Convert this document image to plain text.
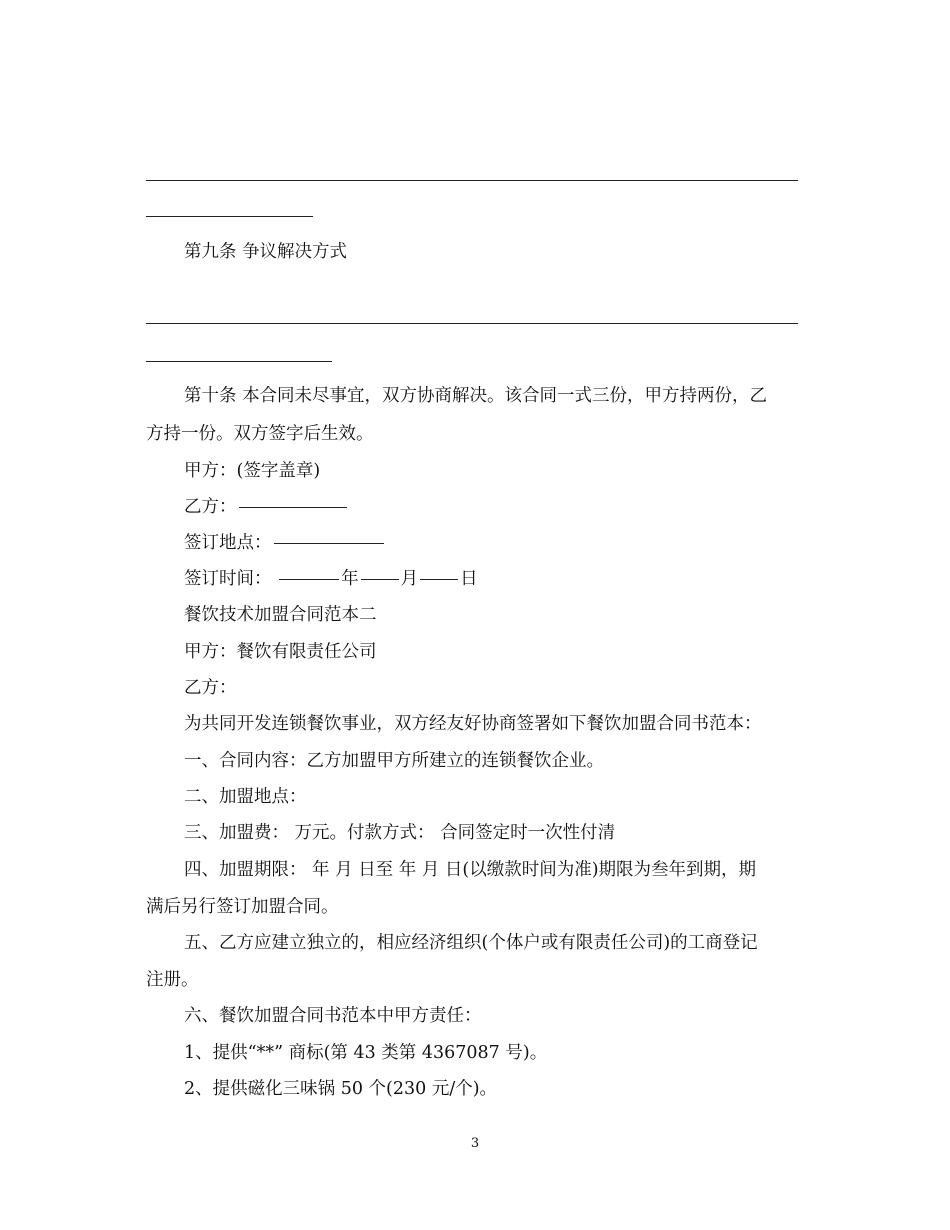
第九条 争议解决方式
第十条 本合同未尽事宜，双方协商解决。该合同一式三份，甲方持两份，乙
方持一份。双方签字后生效。
甲方：(签字盖章)
乙方：
签订地点：
签订时间：	年 月 日
餐饮技术加盟合同范本二
甲方：餐饮有限责任公司
乙方：
为共同开发连锁餐饮事业，双方经友好协商签署如下餐饮加盟合同书范本：
一、合同内容：乙方加盟甲方所建立的连锁餐饮企业。
二、加盟地点：
三、加盟费： 万元。付款方式： 合同签定时一次性付清
四、加盟期限： 年 月 日至 年 月 日(以缴款时间为准)期限为叁年到期，期
满后另行签订加盟合同。
五、乙方应建立独立的，相应经济组织(个体户或有限责任公司)的工商登记
注册。
六、餐饮加盟合同书范本中甲方责任：
1、提供“**” 商标(第 43 类第 4367087 号)。
2、提供磁化三味锅 50 个(230 元/个)。
3
